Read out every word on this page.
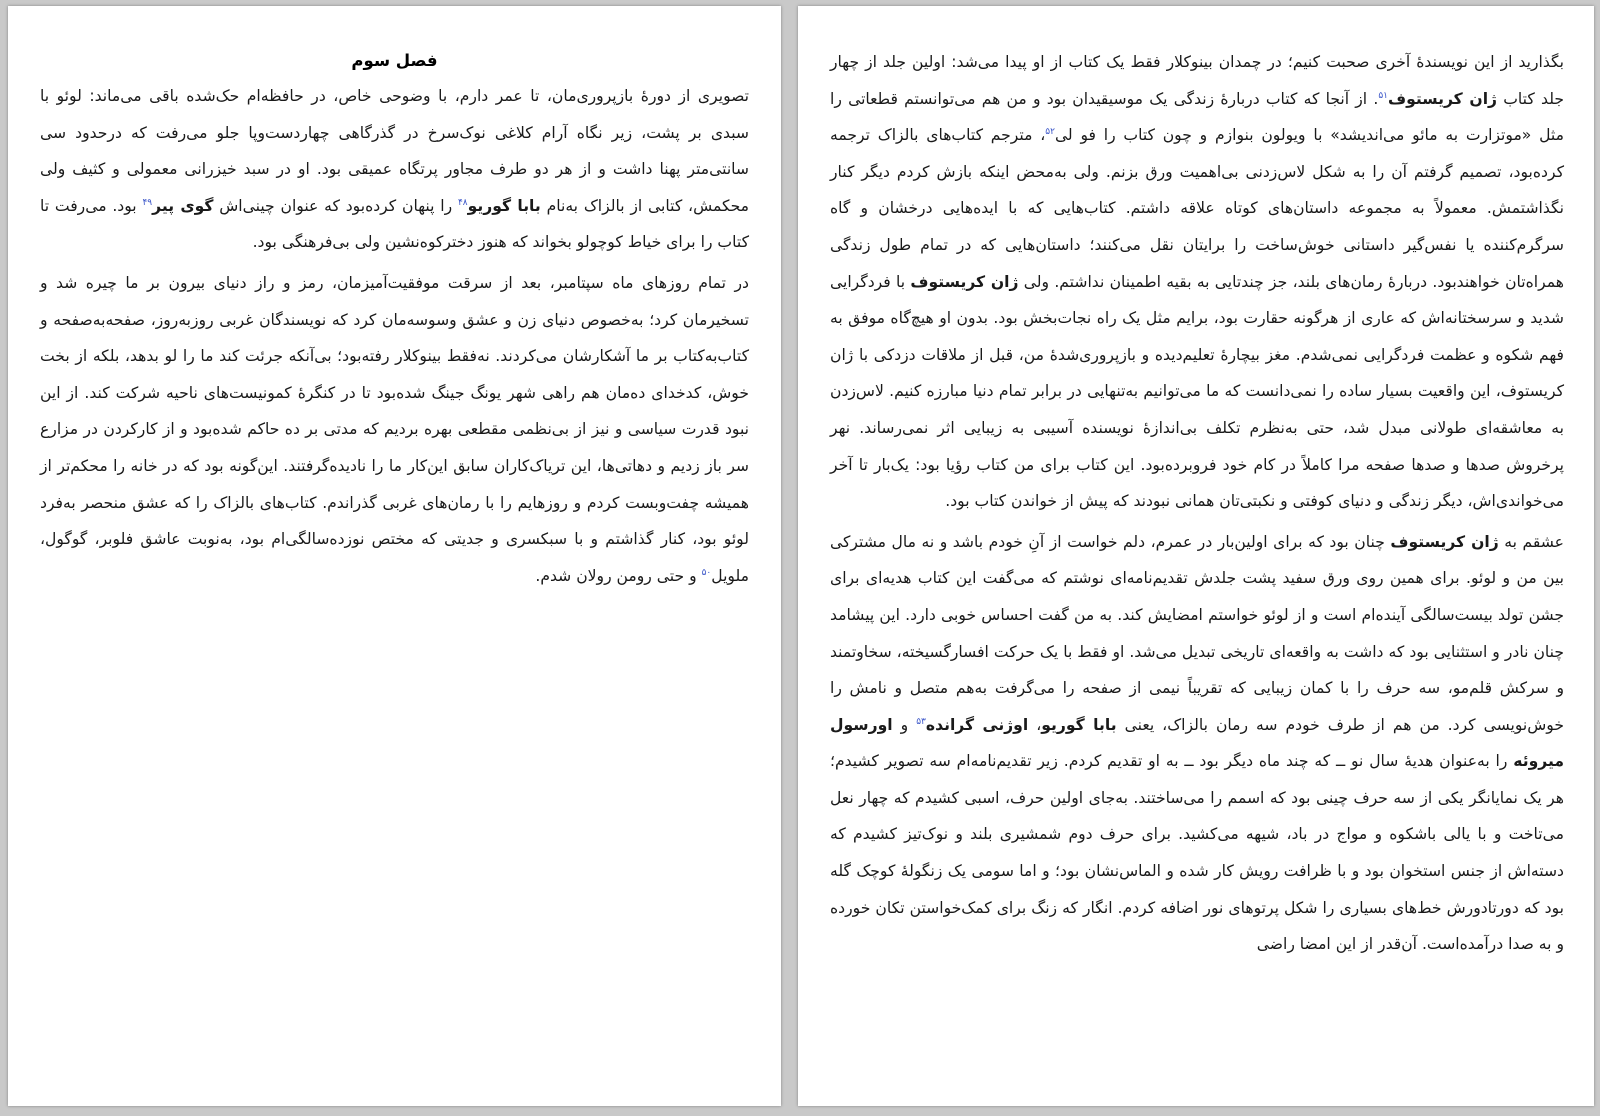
فصل سوم

تصویری از دورهٔ بازپروری‌مان، تا عمر دارم، با وضوحی خاص، در حافظه‌ام حک‌شده باقی می‌ماند: لوئو با سبدی بر پشت، زیر نگاه آرام کلاغی نوک‌سرخ در گذرگاهی چهاردست‌وپا جلو می‌رفت که درحدود سی سانتی‌متر پهنا داشت و از هر دو طرف مجاور پرتگاه عمیقی بود. او در سبد خیزرانی معمولی و کثیف ولی محکمش، کتابی از بالزاک به‌نام بابا گوریو$^{۴۸}$ را پنهان کرده‌بود که عنوان چینی‌اش گوی پیر$^{۴۹}$ بود. می‌رفت تا کتاب را برای خیاط کوچولو بخواند که هنوز دخترکوه‌نشین ولی بی‌فرهنگی بود.

در تمام روزهای ماه سپتامبر، بعد از سرقت موفقیت‌آمیزمان، رمز و راز دنیای بیرون بر ما چیره شد و تسخیرمان کرد؛ به‌خصوص دنیای زن و عشق وسوسه‌مان کرد که نویسندگان غربی روزبه‌روز، صفحه‌به‌صفحه و کتاب‌به‌کتاب بر ما آشکارشان می‌کردند. نه‌فقط بینوکلار رفته‌بود؛ بی‌آنکه جرئت کند ما را لو بدهد، بلکه از بخت خوش، کدخدای ده‌مان هم راهی شهر یونگ جینگ شده‌بود تا در کنگرهٔ کمونیست‌های ناحیه شرکت کند. از این نبود قدرت سیاسی و نیز از بی‌نظمی مقطعی بهره بردیم که مدتی بر ده حاکم شده‌بود و از کارکردن در مزارع سر باز زدیم و دهاتی‌ها، این تریاک‌کاران سابق این‌کار ما را نادیده‌گرفتند. این‌گونه بود که در خانه را محکم‌تر از همیشه چفت‌وبست کردم و روزهایم را با رمان‌های غربی گذراندم. کتاب‌های بالزاک را که عشق منحصر به‌فرد لوئو بود، کنار گذاشتم و با سبکسری و جدیتی که مختص نوزده‌سالگی‌ام بود، به‌نوبت عاشق فلوبر، گوگول، ملویل$^{۵۰}$ و حتی رومن رولان شدم.

بگذارید از این نویسندهٔ آخری صحبت کنیم؛ در چمدان بینوکلار فقط یک کتاب از او پیدا می‌شد: اولین جلد از چهار جلد کتاب ژان کریستوف$^{۵۱}$. از آنجا که کتاب دربارهٔ زندگی یک موسیقیدان بود و من هم می‌توانستم قطعاتی را مثل «موتزارت به مائو می‌اندیشد» با ویولون بنوازم و چون کتاب را فو لی$^{۵۲}$، مترجم کتاب‌های بالزاک ترجمه کرده‌بود، تصمیم گرفتم آن را به شکل لاس‌زدنی بی‌اهمیت ورق بزنم. ولی به‌محض اینکه بازش کردم دیگر کنار نگذاشتمش. معمولاً به مجموعه داستان‌های کوتاه علاقه داشتم. کتاب‌هایی که با ایده‌هایی درخشان و گاه سرگرم‌کننده یا نفس‌گیر داستانی خوش‌ساخت را برایتان نقل می‌کنند؛ داستان‌هایی که در تمام طول زندگی همراه‌تان خواهندبود. دربارهٔ رمان‌های بلند، جز چندتایی به بقیه اطمینان نداشتم. ولی ژان کریستوف با فردگرایی شدید و سرسختانه‌اش که عاری از هرگونه حقارت بود، برایم مثل یک راه نجات‌بخش بود. بدون او هیچ‌گاه موفق به فهم شکوه و عظمت فردگرایی نمی‌شدم. مغز بیچارهٔ تعلیم‌دیده و بازپروری‌شدهٔ من، قبل از ملاقات دزدکی با ژان کریستوف، این واقعیت بسیار ساده را نمی‌دانست که ما می‌توانیم به‌تنهایی در برابر تمام دنیا مبارزه کنیم. لاس‌زدن به معاشقه‌ای طولانی مبدل شد، حتی به‌نظرم تکلف بی‌اندازهٔ نویسنده آسیبی به زیبایی اثر نمی‌رساند. نهر پرخروش صدها و صدها صفحه مرا کاملاً در کام خود فروبرده‌بود. این کتاب برای من کتاب رؤیا بود: یک‌بار تا آخر می‌خواندی‌اش، دیگر زندگی و دنیای کوفتی و نکبتی‌تان همانی نبودند که پیش از خواندن کتاب بود.

عشقم به ژان کریستوف چنان بود که برای اولین‌بار در عمرم، دلم خواست از آنِ خودم باشد و نه مال مشترکی بین من و لوئو. برای همین روی ورق سفید پشت جلدش تقدیم‌نامه‌ای نوشتم که می‌گفت این کتاب هدیه‌ای برای جشن تولد بیست‌سالگی آینده‌ام است و از لوئو خواستم امضایش کند. به من گفت احساس خوبی دارد. این پیشامد چنان نادر و استثنایی بود که داشت به واقعه‌ای تاریخی تبدیل می‌شد. او فقط با یک حرکت افسارگسیخته، سخاوتمند و سرکش قلم‌مو، سه حرف را با کمان زیبایی که تقریباً نیمی از صفحه را می‌گرفت به‌هم متصل و نامش را خوش‌نویسی کرد. من هم از طرف خودم سه رمان بالزاک، یعنی بابا گوریو، اوژنی گرانده$^{۵۳}$ و اورسول میروئه را به‌عنوان هدیهٔ سال نو ــ که چند ماه دیگر بود ــ به او تقدیم کردم. زیر تقدیم‌نامه‌ام سه تصویر کشیدم؛ هر یک نمایانگر یکی از سه حرف چینی بود که اسمم را می‌ساختند. به‌جای اولین حرف، اسبی کشیدم که چهار نعل می‌تاخت و با یالی باشکوه و مواج در باد، شیهه می‌کشید. برای حرف دوم شمشیری بلند و نوک‌تیز کشیدم که دسته‌اش از جنس استخوان بود و با ظرافت رویش کار شده و الماس‌نشان بود؛ و اما سومی یک زنگولهٔ کوچک گله بود که دورتادورش خط‌های بسیاری را شکل پرتوهای نور اضافه کردم. انگار که زنگ برای کمک‌خواستن تکان خورده و به صدا درآمده‌است. آن‌قدر از این امضا راضی
